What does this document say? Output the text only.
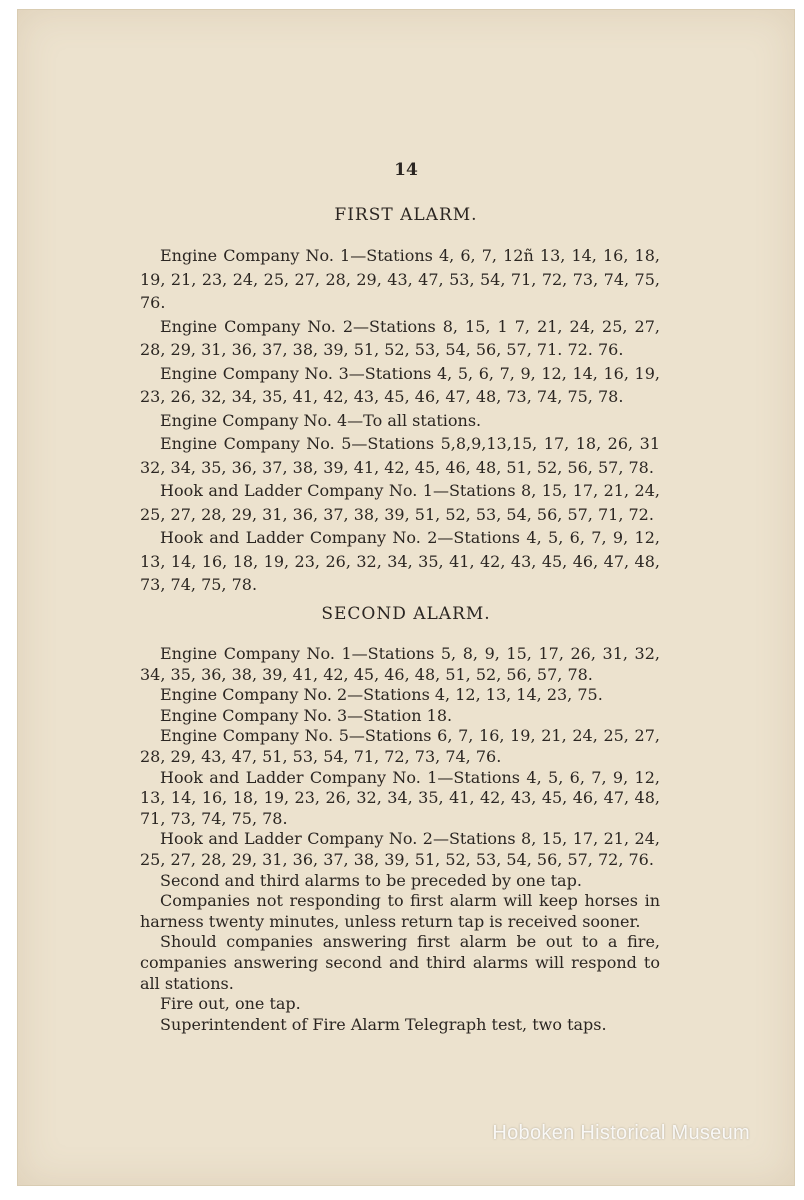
14
FIRST ALARM.

Engine Company No. 1—Stations 4, 6, 7, 12ñ 13, 14, 16, 18, 19, 21, 23, 24, 25, 27, 28, 29, 43, 47, 53, 54, 71, 72, 73, 74, 75, 76.

Engine Company No. 2—Stations 8, 15, 1 7, 21, 24, 25, 27, 28, 29, 31, 36, 37, 38, 39, 51, 52, 53, 54, 56, 57, 71. 72. 76.

Engine Company No. 3—Stations 4, 5, 6, 7, 9, 12, 14, 16, 19, 23, 26, 32, 34, 35, 41, 42, 43, 45, 46, 47, 48, 73, 74, 75, 78.

Engine Company No. 4—To all stations.

Engine Company No. 5—Stations 5,8,9,13,15, 17, 18, 26, 31 32, 34, 35, 36, 37, 38, 39, 41, 42, 45, 46, 48, 51, 52, 56, 57, 78.

Hook and Ladder Company No. 1—Stations 8, 15, 17, 21, 24, 25, 27, 28, 29, 31, 36, 37, 38, 39, 51, 52, 53, 54, 56, 57, 71, 72.

Hook and Ladder Company No. 2—Stations 4, 5, 6, 7, 9, 12, 13, 14, 16, 18, 19, 23, 26, 32, 34, 35, 41, 42, 43, 45, 46, 47, 48, 73, 74, 75, 78.

SECOND ALARM.

Engine Company No. 1—Stations 5, 8, 9, 15, 17, 26, 31, 32, 34, 35, 36, 38, 39, 41, 42, 45, 46, 48, 51, 52, 56, 57, 78.

Engine Company No. 2—Stations 4, 12, 13, 14, 23, 75.

Engine Company No. 3—Station 18.

Engine Company No. 5—Stations 6, 7, 16, 19, 21, 24, 25, 27, 28, 29, 43, 47, 51, 53, 54, 71, 72, 73, 74, 76.

Hook and Ladder Company No. 1—Stations 4, 5, 6, 7, 9, 12, 13, 14, 16, 18, 19, 23, 26, 32, 34, 35, 41, 42, 43, 45, 46, 47, 48, 71, 73, 74, 75, 78.

Hook and Ladder Company No. 2—Stations 8, 15, 17, 21, 24, 25, 27, 28, 29, 31, 36, 37, 38, 39, 51, 52, 53, 54, 56, 57, 72, 76.

Second and third alarms to be preceded by one tap.

Companies not responding to first alarm will keep horses in harness twenty minutes, unless return tap is received sooner.

Should companies answering first alarm be out to a fire, companies answering second and third alarms will respond to all stations.

Fire out, one tap.

Superintendent of Fire Alarm Telegraph test, two taps.

Hoboken Historical Museum
